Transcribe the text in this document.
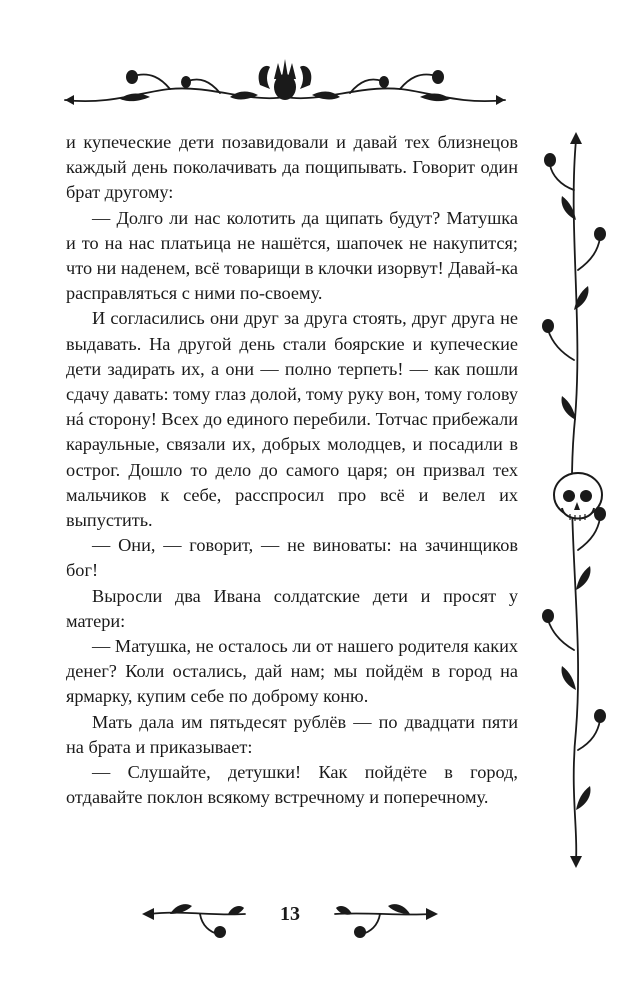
и купеческие дети позавидовали и давай тех близнецов каждый день поколачивать да пощипывать. Говорит один брат другому:

— Долго ли нас колотить да щипать будут? Матушка и то на нас платьица не нашётся, шапочек не накупится; что ни наденем, всё товарищи в клочки изорвут! Давай-ка расправляться с ними по-своему.

И согласились они друг за друга стоять, друг друга не выдавать. На другой день стали боярские и купеческие дети задирать их, а они — полно терпеть! — как пошли сдачу давать: тому глаз долой, тому руку вон, тому голову нá сторону! Всех до единого перебили. Тотчас прибежали караульные, связали их, добрых молодцев, и посадили в острог. Дошло то дело до самого царя; он призвал тех мальчиков к себе, расспросил про всё и велел их выпустить.

— Они, — говорит, — не виноваты: на зачинщиков бог!

Выросли два Ивана солдатские дети и просят у матери:

— Матушка, не осталось ли от нашего родителя каких денег? Коли остались, дай нам; мы пойдём в город на ярмарку, купим себе по доброму коню.

Мать дала им пятьдесят рублёв — по двадцати пяти на брата и приказывает:

— Слушайте, детушки! Как пойдёте в город, отдавайте поклон всякому встречному и поперечному.

13
